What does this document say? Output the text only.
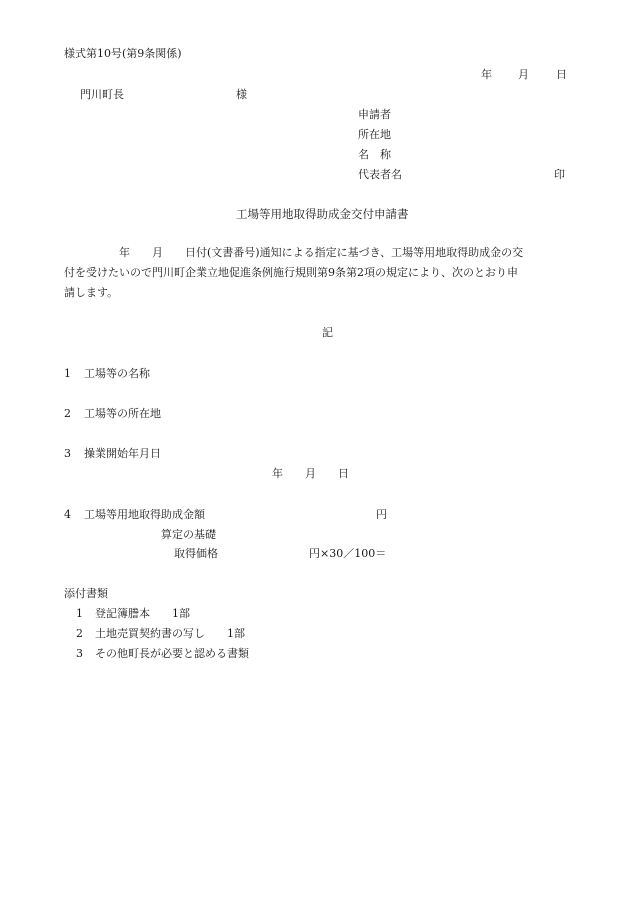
様式第10号(第9条関係)
年 月 日
門川町長	様
申請者
所在地
名　称
代表者名	印
工場等用地取得助成金交付申請書
　　　　　年　　月　　日付(文書番号)通知による指定に基づき、工場等用地取得助成金の交
付を受けたいので門川町企業立地促進条例施行規則第9条第2項の規定により、次のとおり申
請します。
記
1 工場等の名称
2 工場等の所在地
3 操業開始年月日
年　　月　　日
4 工場等用地取得助成金額	円
算定の基礎
取得価格	円×30／100＝
添付書類
1 登記簿謄本　　1部
2 土地売買契約書の写し　　1部
3 その他町長が必要と認める書類
